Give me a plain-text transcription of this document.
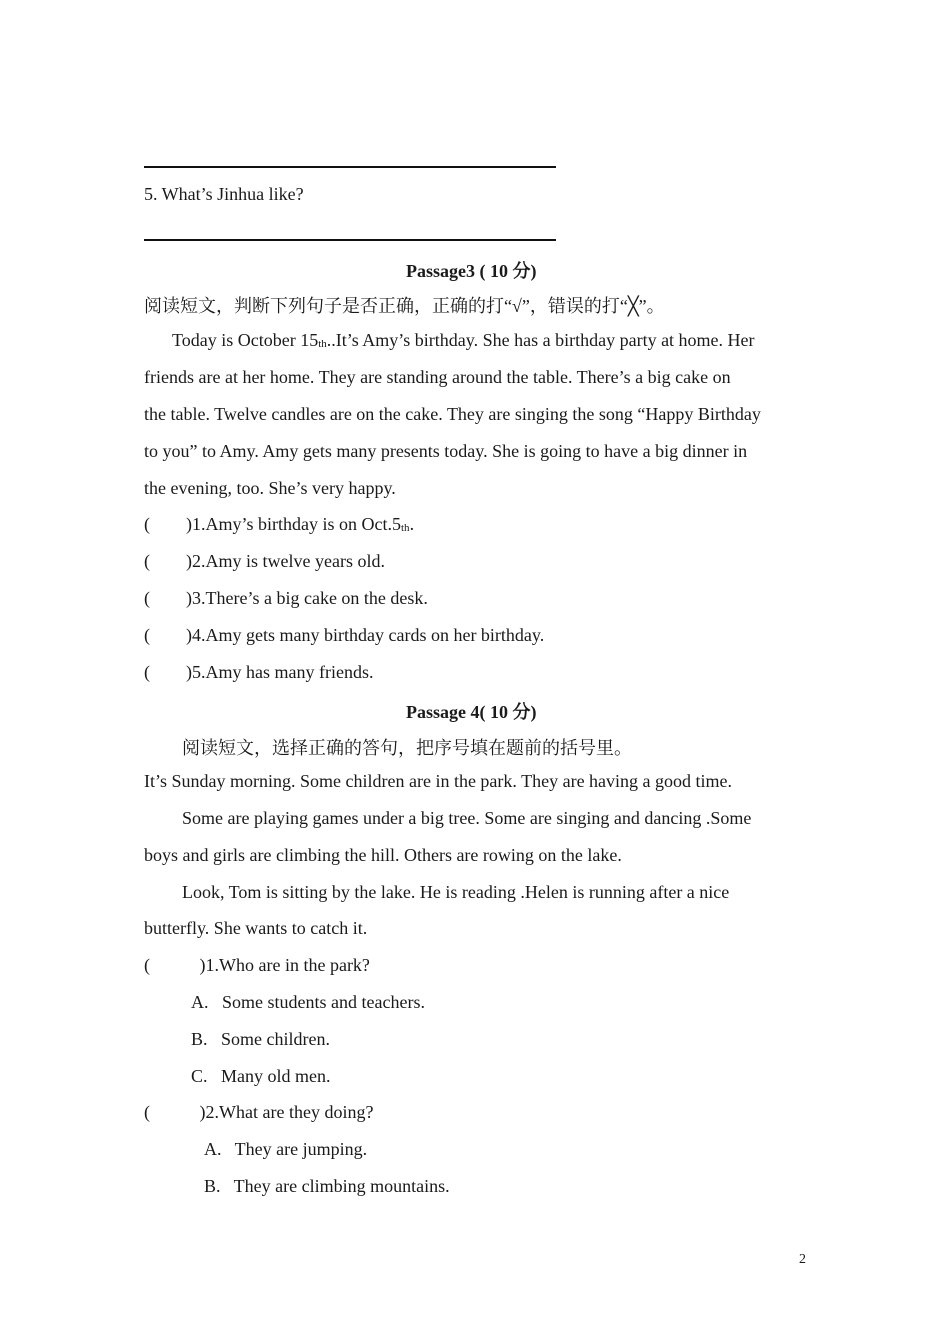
5. What’s Jinhua like?
Passage3 ( 10 分)
阅读短文，判断下列句子是否正确，正确的打“√”，错误的打“╳”。
Today is October $15_{th}..It’s$ Amy’s birthday. She has a birthday party at home. Her
friends are at her home. They are standing around the table. There’s a big cake on
the table. Twelve candles are on the cake. They are singing the song “Happy Birthday
to you” to Amy. Amy gets many presents today. She is going to have a big dinner in
the evening, too. She’s very happy.
(        )1.Amy’s birthday is on $Oct.5_{th}$.
(        )2.Amy is twelve years old.
(        )3.There’s a big cake on the desk.
(        )4.Amy gets many birthday cards on her birthday.
(        )5.Amy has many friends.
Passage 4( 10 分)
阅读短文，选择正确的答句，把序号填在题前的括号里。
It’s Sunday morning. Some children are in the park. They are having a good time.
Some are playing games under a big tree. Some are singing and dancing .Some
boys and girls are climbing the hill. Others are rowing on the lake.
Look, Tom is sitting by the lake. He is reading .Helen is running after a nice
butterfly. She wants to catch it.
(           )1.Who are in the park?
A.   Some students and teachers.
B.   Some children.
C.   Many old men.
(           )2.What are they doing?
A.   They are jumping.
B.   They are climbing mountains.
2
